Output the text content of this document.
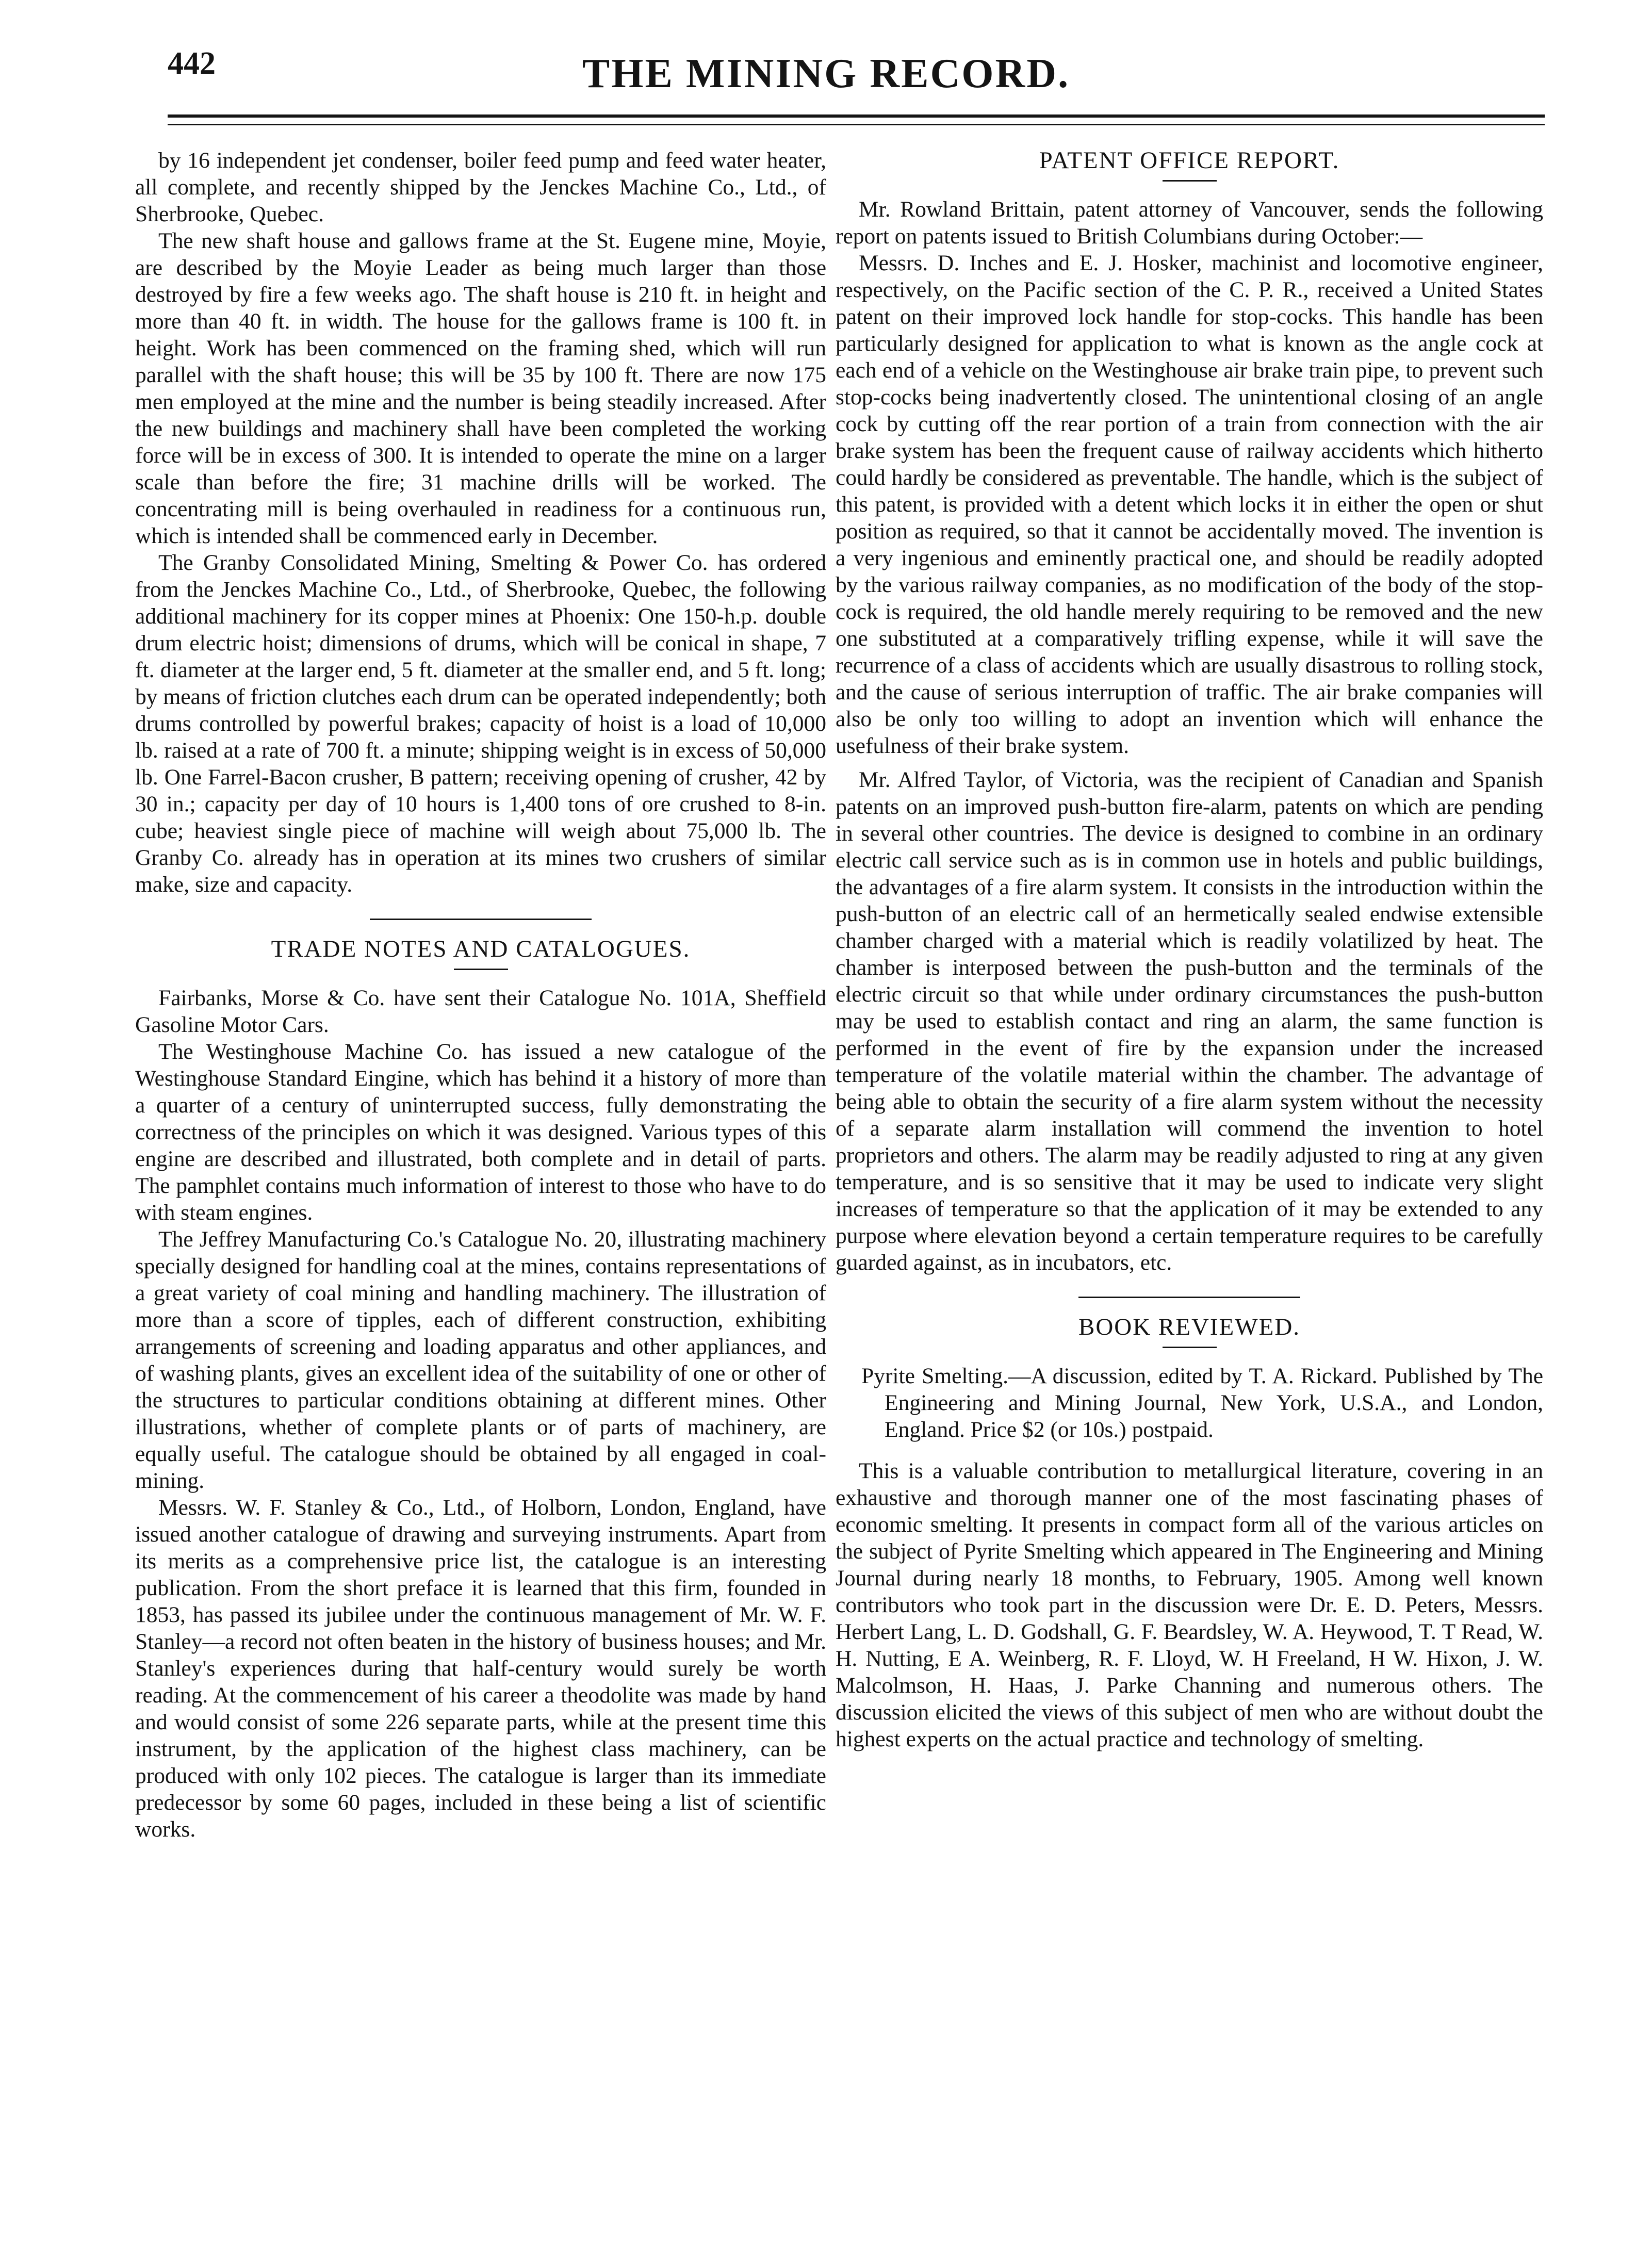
442	THE MINING RECORD.

by 16 independent jet condenser, boiler feed pump and feed water heater, all complete, and recently shipped by the Jenckes Machine Co., Ltd., of Sherbrooke, Quebec.

The new shaft house and gallows frame at the St. Eugene mine, Moyie, are described by the Moyie Leader as being much larger than those destroyed by fire a few weeks ago. The shaft house is 210 ft. in height and more than 40 ft. in width. The house for the gallows frame is 100 ft. in height. Work has been commenced on the framing shed, which will run parallel with the shaft house; this will be 35 by 100 ft. There are now 175 men employed at the mine and the number is being steadily increased. After the new buildings and machinery shall have been completed the working force will be in excess of 300. It is intended to operate the mine on a larger scale than before the fire; 31 machine drills will be worked. The concentrating mill is being overhauled in readiness for a continuous run, which is intended shall be commenced early in December.

The Granby Consolidated Mining, Smelting & Power Co. has ordered from the Jenckes Machine Co., Ltd., of Sherbrooke, Quebec, the following additional machinery for its copper mines at Phoenix: One 150-h.p. double drum electric hoist; dimensions of drums, which will be conical in shape, 7 ft. diameter at the larger end, 5 ft. diameter at the smaller end, and 5 ft. long; by means of friction clutches each drum can be operated independently; both drums controlled by powerful brakes; capacity of hoist is a load of 10,000 lb. raised at a rate of 700 ft. a minute; shipping weight is in excess of 50,000 lb. One Farrel-Bacon crusher, B pattern; receiving opening of crusher, 42 by 30 in.; capacity per day of 10 hours is 1,400 tons of ore crushed to 8-in. cube; heaviest single piece of machine will weigh about 75,000 lb. The Granby Co. already has in operation at its mines two crushers of similar make, size and capacity.

TRADE NOTES AND CATALOGUES.

Fairbanks, Morse & Co. have sent their Catalogue No. 101A, Sheffield Gasoline Motor Cars.

The Westinghouse Machine Co. has issued a new catalogue of the Westinghouse Standard Eingine, which has behind it a history of more than a quarter of a century of uninterrupted success, fully demonstrating the correctness of the principles on which it was designed. Various types of this engine are described and illustrated, both complete and in detail of parts. The pamphlet contains much information of interest to those who have to do with steam engines.

The Jeffrey Manufacturing Co.'s Catalogue No. 20, illustrating machinery specially designed for handling coal at the mines, contains representations of a great variety of coal mining and handling machinery. The illustration of more than a score of tipples, each of different construction, exhibiting arrangements of screening and loading apparatus and other appliances, and of washing plants, gives an excellent idea of the suitability of one or other of the structures to particular conditions obtaining at different mines. Other illustrations, whether of complete plants or of parts of machinery, are equally useful. The catalogue should be obtained by all engaged in coal-mining.

Messrs. W. F. Stanley & Co., Ltd., of Holborn, London, England, have issued another catalogue of drawing and surveying instruments. Apart from its merits as a comprehensive price list, the catalogue is an interesting publication. From the short preface it is learned that this firm, founded in 1853, has passed its jubilee under the continuous management of Mr. W. F. Stanley—a record not often beaten in the history of business houses; and Mr. Stanley's experiences during that half-century would surely be worth reading. At the commencement of his career a theodolite was made by hand and would consist of some 226 separate parts, while at the present time this instrument, by the application of the highest class machinery, can be produced with only 102 pieces. The catalogue is larger than its immediate predecessor by some 60 pages, included in these being a list of scientific works.

PATENT OFFICE REPORT.

Mr. Rowland Brittain, patent attorney of Vancouver, sends the following report on patents issued to British Columbians during October:—

Messrs. D. Inches and E. J. Hosker, machinist and locomotive engineer, respectively, on the Pacific section of the C. P. R., received a United States patent on their improved lock handle for stop-cocks. This handle has been particularly designed for application to what is known as the angle cock at each end of a vehicle on the Westinghouse air brake train pipe, to prevent such stop-cocks being inadvertently closed. The unintentional closing of an angle cock by cutting off the rear portion of a train from connection with the air brake system has been the frequent cause of railway accidents which hitherto could hardly be considered as preventable. The handle, which is the subject of this patent, is provided with a detent which locks it in either the open or shut position as required, so that it cannot be accidentally moved. The invention is a very ingenious and eminently practical one, and should be readily adopted by the various railway companies, as no modification of the body of the stop-cock is required, the old handle merely requiring to be removed and the new one substituted at a comparatively trifling expense, while it will save the recurrence of a class of accidents which are usually disastrous to rolling stock, and the cause of serious interruption of traffic. The air brake companies will also be only too willing to adopt an invention which will enhance the usefulness of their brake system.

Mr. Alfred Taylor, of Victoria, was the recipient of Canadian and Spanish patents on an improved push-button fire-alarm, patents on which are pending in several other countries. The device is designed to combine in an ordinary electric call service such as is in common use in hotels and public buildings, the advantages of a fire alarm system. It consists in the introduction within the push-button of an electric call of an hermetically sealed endwise extensible chamber charged with a material which is readily volatilized by heat. The chamber is interposed between the push-button and the terminals of the electric circuit so that while under ordinary circumstances the push-button may be used to establish contact and ring an alarm, the same function is performed in the event of fire by the expansion under the increased temperature of the volatile material within the chamber. The advantage of being able to obtain the security of a fire alarm system without the necessity of a separate alarm installation will commend the invention to hotel proprietors and others. The alarm may be readily adjusted to ring at any given temperature, and is so sensitive that it may be used to indicate very slight increases of temperature so that the application of it may be extended to any purpose where elevation beyond a certain temperature requires to be carefully guarded against, as in incubators, etc.

BOOK REVIEWED.

Pyrite Smelting.—A discussion, edited by T. A. Rickard. Published by The Engineering and Mining Journal, New York, U.S.A., and London, England. Price $2 (or 10s.) postpaid.

This is a valuable contribution to metallurgical literature, covering in an exhaustive and thorough manner one of the most fascinating phases of economic smelting. It presents in compact form all of the various articles on the subject of Pyrite Smelting which appeared in The Engineering and Mining Journal during nearly 18 months, to February, 1905. Among well known contributors who took part in the discussion were Dr. E. D. Peters, Messrs. Herbert Lang, L. D. Godshall, G. F. Beardsley, W. A. Heywood, T. T Read, W. H. Nutting, E A. Weinberg, R. F. Lloyd, W. H Freeland, H W. Hixon, J. W. Malcolmson, H. Haas, J. Parke Channing and numerous others. The discussion elicited the views of this subject of men who are without doubt the highest experts on the actual practice and technology of smelting.
